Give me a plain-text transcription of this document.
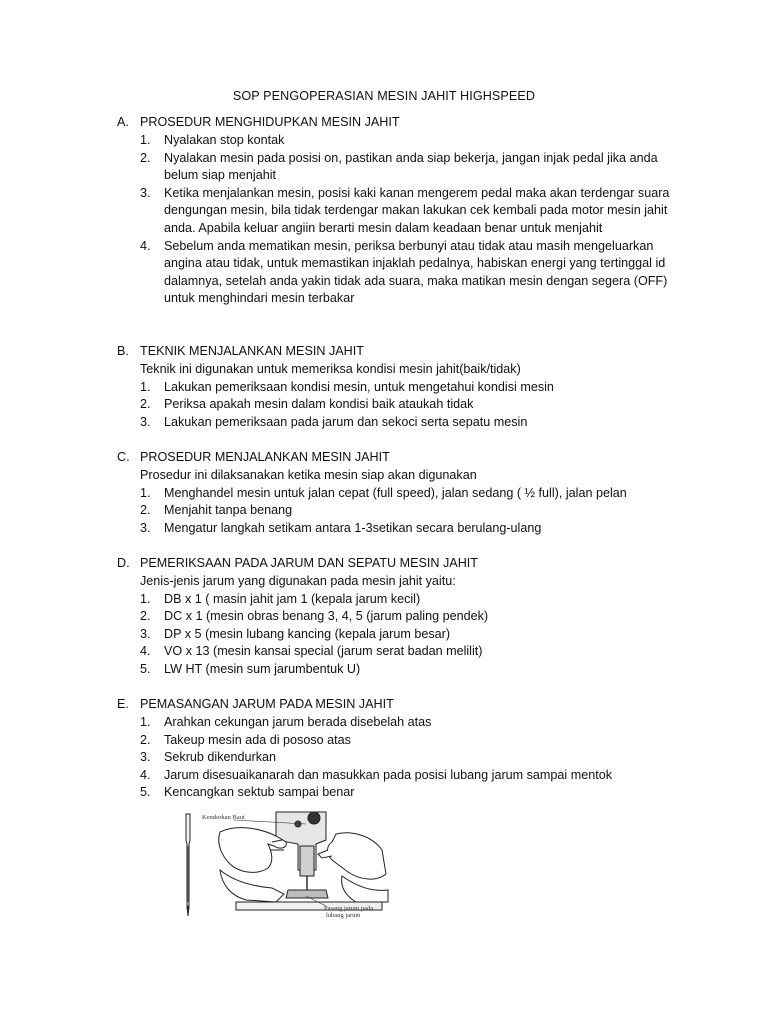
SOP PENGOPERASIAN MESIN JAHIT HIGHSPEED
A. PROSEDUR MENGHIDUPKAN MESIN JAHIT
1. Nyalakan stop kontak
2. Nyalakan mesin pada posisi on, pastikan anda siap bekerja, jangan injak pedal jika anda belum siap menjahit
3. Ketika menjalankan mesin, posisi kaki kanan mengerem pedal maka akan terdengar suara dengungan mesin, bila tidak terdengar makan lakukan cek kembali pada motor mesin jahit anda. Apabila keluar angiin berarti mesin dalam keadaan benar untuk menjahit
4. Sebelum anda mematikan mesin, periksa berbunyi atau tidak atau masih mengeluarkan angina atau tidak, untuk memastikan injaklah pedalnya, habiskan energi yang tertinggal id dalamnya, setelah anda yakin tidak ada suara, maka matikan mesin dengan segera (OFF) untuk menghindari mesin terbakar
B. TEKNIK MENJALANKAN MESIN JAHIT
Teknik ini digunakan untuk memeriksa kondisi mesin jahit(baik/tidak)
1. Lakukan pemeriksaan kondisi mesin, untuk mengetahui kondisi mesin
2. Periksa apakah mesin dalam kondisi baik ataukah tidak
3. Lakukan pemeriksaan pada jarum dan sekoci serta sepatu mesin
C. PROSEDUR MENJALANKAN MESIN JAHIT
Prosedur ini dilaksanakan ketika mesin siap akan digunakan
1. Menghandel mesin untuk jalan cepat (full speed), jalan sedang ( ½ full), jalan pelan
2. Menjahit tanpa benang
3. Mengatur langkah setikam antara 1-3setikan secara berulang-ulang
D. PEMERIKSAAN PADA JARUM DAN SEPATU MESIN JAHIT
Jenis-jenis jarum yang digunakan pada mesin jahit yaitu:
1. DB x 1 ( masin jahit jam 1 (kepala jarum kecil)
2. DC x 1 (mesin obras benang 3, 4, 5 (jarum paling pendek)
3. DP x 5 (mesin lubang kancing (kepala jarum besar)
4. VO x 13 (mesin kansai special (jarum serat badan melilit)
5. LW HT (mesin sum jarumbentuk U)
E. PEMASANGAN JARUM PADA MESIN JAHIT
1. Arahkan cekungan jarum berada disebelah atas
2. Takeup mesin ada di pososo atas
3. Sekrub dikendurkan
4. Jarum disesuaikanarah dan masukkan pada posisi lubang jarum sampai mentok
5. Kencangkan sektub sampai benar
Kendorkan Baut
Pasang jarum pada
lubang jarum
